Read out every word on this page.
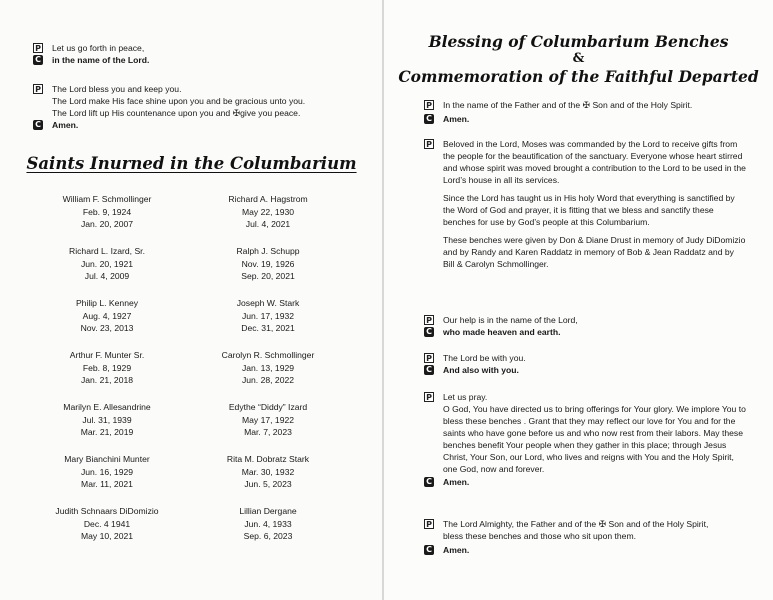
P Let us go forth in peace,
C in the name of the Lord.
P The Lord bless you and keep you.
The Lord make His face shine upon you and be gracious unto you.
The Lord lift up His countenance upon you and
✠ give you peace.
C Amen.
Saints Inurned in the Columbarium
William F. Schmollinger
Feb. 9, 1924
Jan. 20, 2007
Richard A. Hagstrom
May 22, 1930
Jul. 4, 2021
Richard L. Izard, Sr.
Jun. 20, 1921
Jul. 4, 2009
Ralph J. Schupp
Nov. 19, 1926
Sep. 20, 2021
Philip L. Kenney
Aug. 4, 1927
Nov. 23, 2013
Joseph W. Stark
Jun. 17, 1932
Dec. 31, 2021
Arthur F. Munter Sr.
Feb. 8, 1929
Jan. 21, 2018
Carolyn R. Schmollinger
Jan. 13, 1929
Jun. 28, 2022
Marilyn E. Allesandrine
Jul. 31, 1939
Mar. 21, 2019
Edythe “Diddy” Izard
May 17, 1922
Mar. 7, 2023
Mary Bianchini Munter
Jun. 16, 1929
Mar. 11, 2021
Rita M. Dobratz Stark
Mar. 30, 1932
Jun. 5, 2023
Judith Schnaars DiDomizio
Dec. 4 1941
May 10, 2021
Lillian Dergane
Jun. 4, 1933
Sep. 6, 2023
Blessing of Columbarium Benches
&
Commemoration of the Faithful Departed
P In the name of the Father and of the ✠ Son and of the Holy Spirit.
C Amen.
P Beloved in the Lord, Moses was commanded by the Lord to receive gifts from the people for the beautification of the sanctuary. Everyone whose heart stirred and whose spirit was moved brought a contribution to the Lord to be used in the Lord’s house in all its services.
Since the Lord has taught us in His holy Word that everything is sanctified by the Word of God and prayer, it is fitting that we bless and sanctify these benches for use by God’s people at this Columbarium.
These benches were given by Don & Diane Drust in memory of Judy DiDomizio and by Randy and Karen Raddatz in memory of Bob & Jean Raddatz and by Bill & Carolyn Schmollinger.
P Our help is in the name of the Lord,
C who made heaven and earth.
P The Lord be with you.
C And also with you.
P Let us pray.
O God, You have directed us to bring offerings for Your glory. We implore You to bless these benches . Grant that they may reflect our love for You and for the saints who have gone before us and who now rest from their labors. May these benches benefit Your people when they gather in this place; through Jesus Christ, Your Son, our Lord, who lives and reigns with You and the Holy Spirit, one God, now and forever.
C Amen.
P The Lord Almighty, the Father and of the ✠ Son and of the Holy Spirit,
bless these benches and those who sit upon them.
C Amen.
